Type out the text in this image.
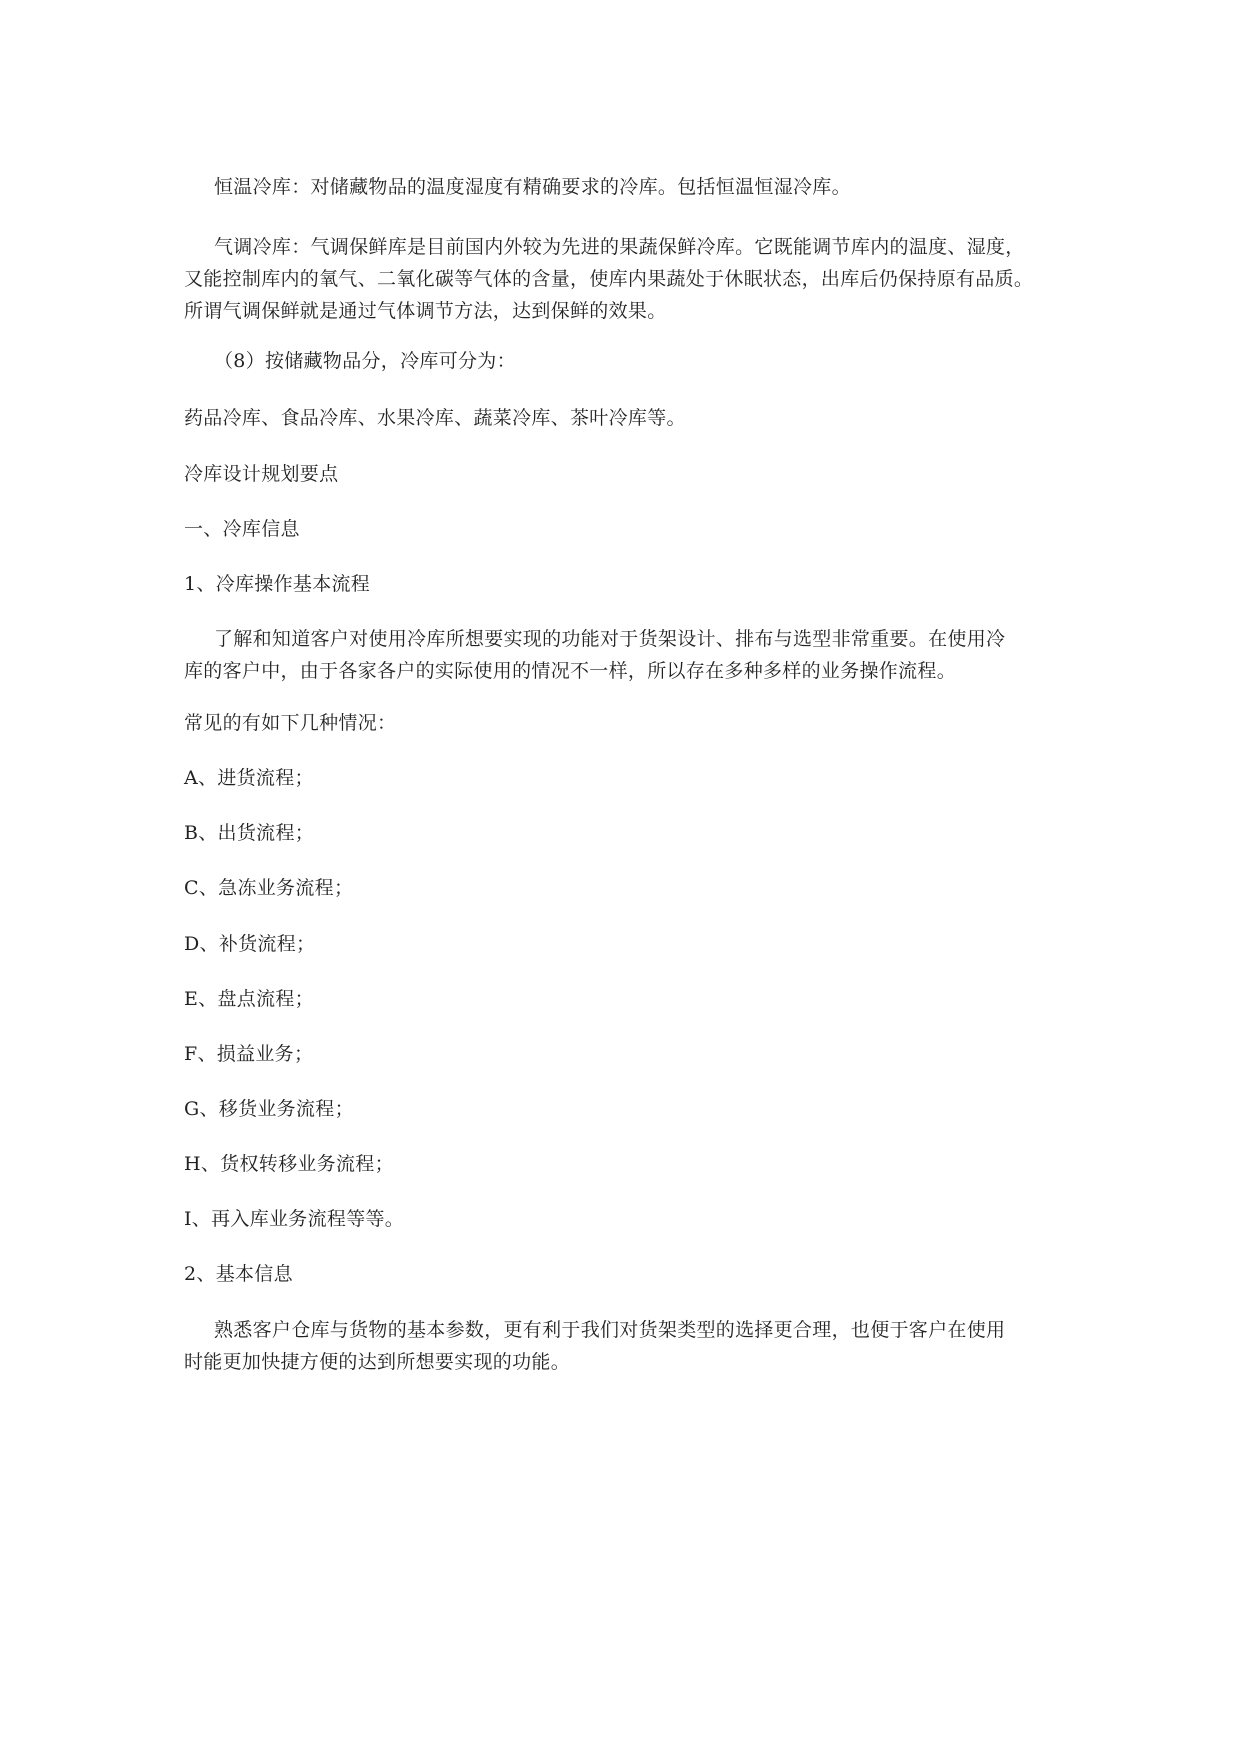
恒温冷库：对储藏物品的温度湿度有精确要求的冷库。包括恒温恒湿冷库。

气调冷库：气调保鲜库是目前国内外较为先进的果蔬保鲜冷库。它既能调节库内的温度、湿度，
又能控制库内的氧气、二氧化碳等气体的含量，使库内果蔬处于休眠状态，出库后仍保持原有品质。
所谓气调保鲜就是通过气体调节方法，达到保鲜的效果。

（8）按储藏物品分，冷库可分为：

药品冷库、食品冷库、水果冷库、蔬菜冷库、茶叶冷库等。

冷库设计规划要点

一、冷库信息

1、冷库操作基本流程

了解和知道客户对使用冷库所想要实现的功能对于货架设计、排布与选型非常重要。在使用冷
库的客户中，由于各家各户的实际使用的情况不一样，所以存在多种多样的业务操作流程。

常见的有如下几种情况：

A、进货流程；

B、出货流程；

C、急冻业务流程；

D、补货流程；

E、盘点流程；

F、损益业务；

G、移货业务流程；

H、货权转移业务流程；

I、再入库业务流程等等。

2、基本信息

熟悉客户仓库与货物的基本参数，更有利于我们对货架类型的选择更合理，也便于客户在使用
时能更加快捷方便的达到所想要实现的功能。
